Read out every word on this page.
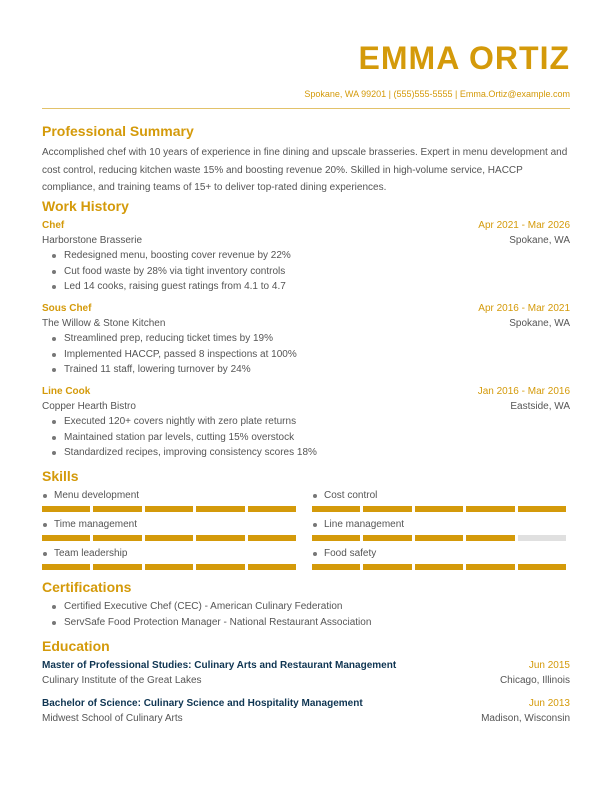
EMMA ORTIZ
Spokane, WA 99201 | (555)555-5555 | Emma.Ortiz@example.com
Professional Summary

Accomplished chef with 10 years of experience in fine dining and upscale brasseries. Expert in menu development and cost control, reducing kitchen waste 15% and boosting revenue 20%. Skilled in high-volume service, HACCP compliance, and training teams of 15+ to deliver top-rated dining experiences.

Work History
Chef	Apr 2021 - Mar 2026
Harborstone Brasserie	Spokane, WA
Redesigned menu, boosting cover revenue by 22%
Cut food waste by 28% via tight inventory controls
Led 14 cooks, raising guest ratings from 4.1 to 4.7
Sous Chef	Apr 2016 - Mar 2021
The Willow & Stone Kitchen	Spokane, WA
Streamlined prep, reducing ticket times by 19%
Implemented HACCP, passed 8 inspections at 100%
Trained 11 staff, lowering turnover by 24%
Line Cook	Jan 2016 - Mar 2016
Copper Hearth Bistro	Eastside, WA
Executed 120+ covers nightly with zero plate returns
Maintained station par levels, cutting 15% overstock
Standardized recipes, improving consistency scores 18%
Skills
Menu development	Cost control
Time management	Line management
Team leadership	Food safety
Certifications
Certified Executive Chef (CEC) - American Culinary Federation
ServSafe Food Protection Manager - National Restaurant Association
Education
Master of Professional Studies: Culinary Arts and Restaurant Management	Jun 2015
Culinary Institute of the Great Lakes	Chicago, Illinois
Bachelor of Science: Culinary Science and Hospitality Management	Jun 2013
Midwest School of Culinary Arts	Madison, Wisconsin
